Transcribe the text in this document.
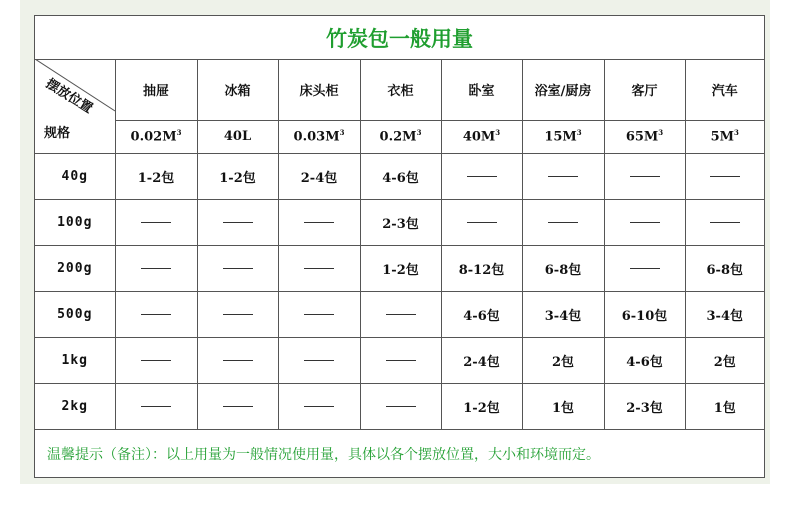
竹炭包一般用量
摆放位置
规格	抽屉	冰箱	床头柜	衣柜	卧室	浴室/厨房	客厅	汽车
	$0.02M^3$	40L	$0.03M^3$	$0.2M^3$	$40M^3$	$15M^3$	$65M^3$	$5M^3$
40g	1-2包	1-2包	2-4包	4-6包				
100g				2-3包				
200g				1-2包	8-12包	6-8包		6-8包
500g					4-6包	3-4包	6-10包	3-4包
1kg					2-4包	2包	4-6包	2包
2kg					1-2包	1包	2-3包	1包
温馨提示（备注）：以上用量为一般情况使用量，具体以各个摆放位置，大小和环境而定。
